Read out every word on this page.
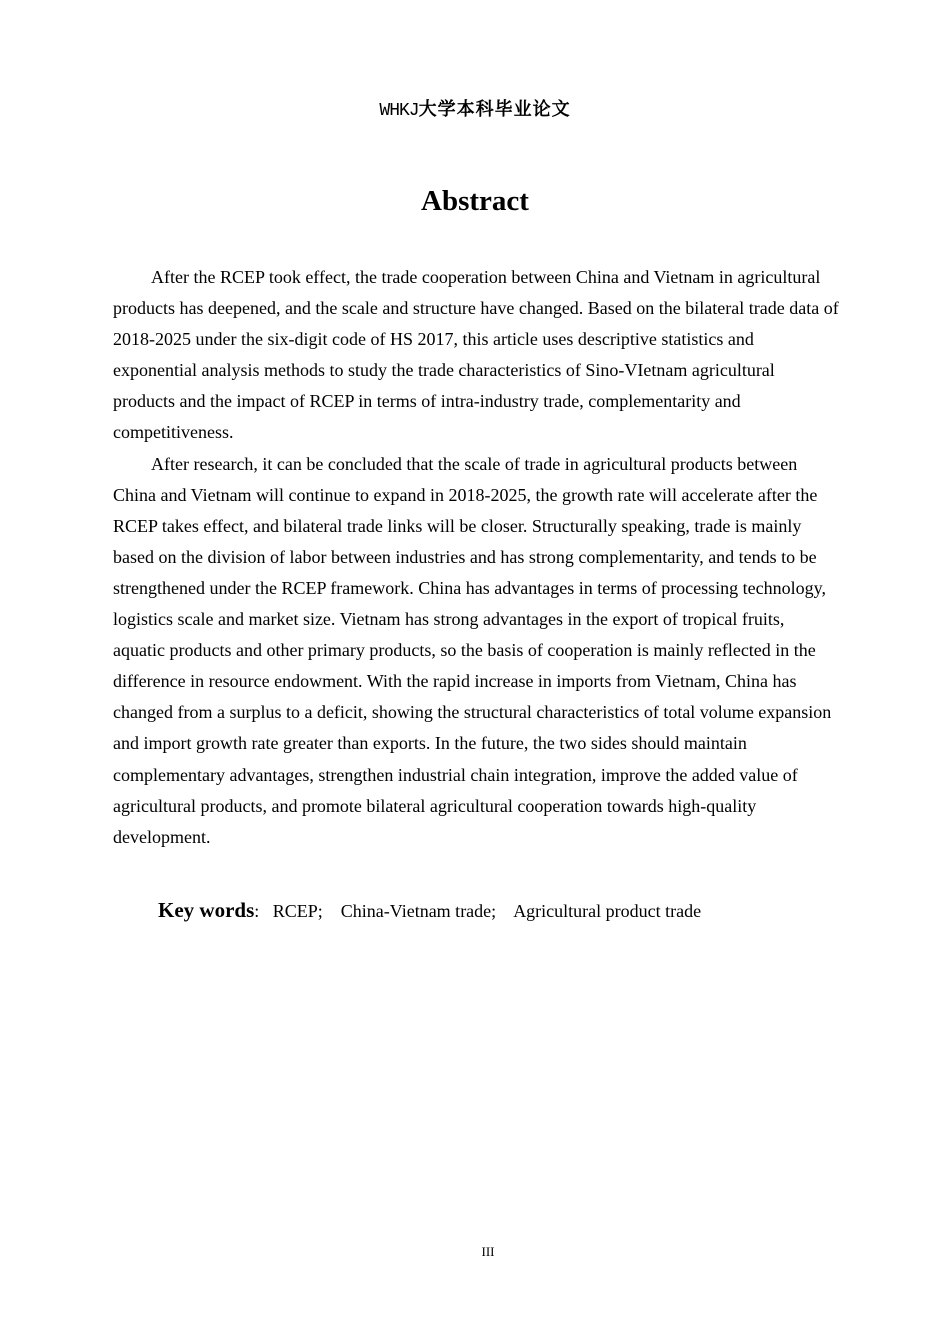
WHKJ大学本科毕业论文
Abstract

After the RCEP took effect, the trade cooperation between China and Vietnam in agricultural products has deepened, and the scale and structure have changed. Based on the bilateral trade data of 2018-2025 under the six-digit code of HS 2017, this article uses descriptive statistics and exponential analysis methods to study the trade characteristics of Sino-VIetnam agricultural products and the impact of RCEP in terms of intra-industry trade, complementarity and competitiveness.

After research, it can be concluded that the scale of trade in agricultural products between China and Vietnam will continue to expand in 2018-2025, the growth rate will accelerate after the RCEP takes effect, and bilateral trade links will be closer. Structurally speaking, trade is mainly based on the division of labor between industries and has strong complementarity, and tends to be strengthened under the RCEP framework. China has advantages in terms of processing technology, logistics scale and market size. Vietnam has strong advantages in the export of tropical fruits, aquatic products and other primary products, so the basis of cooperation is mainly reflected in the difference in resource endowment. With the rapid increase in imports from Vietnam, China has changed from a surplus to a deficit, showing the structural characteristics of total volume expansion and import growth rate greater than exports. In the future, the two sides should maintain complementary advantages, strengthen industrial chain integration, improve the added value of agricultural products, and promote bilateral agricultural cooperation towards high-quality development.

Key words: RCEP; China-Vietnam trade; Agricultural product trade
III
